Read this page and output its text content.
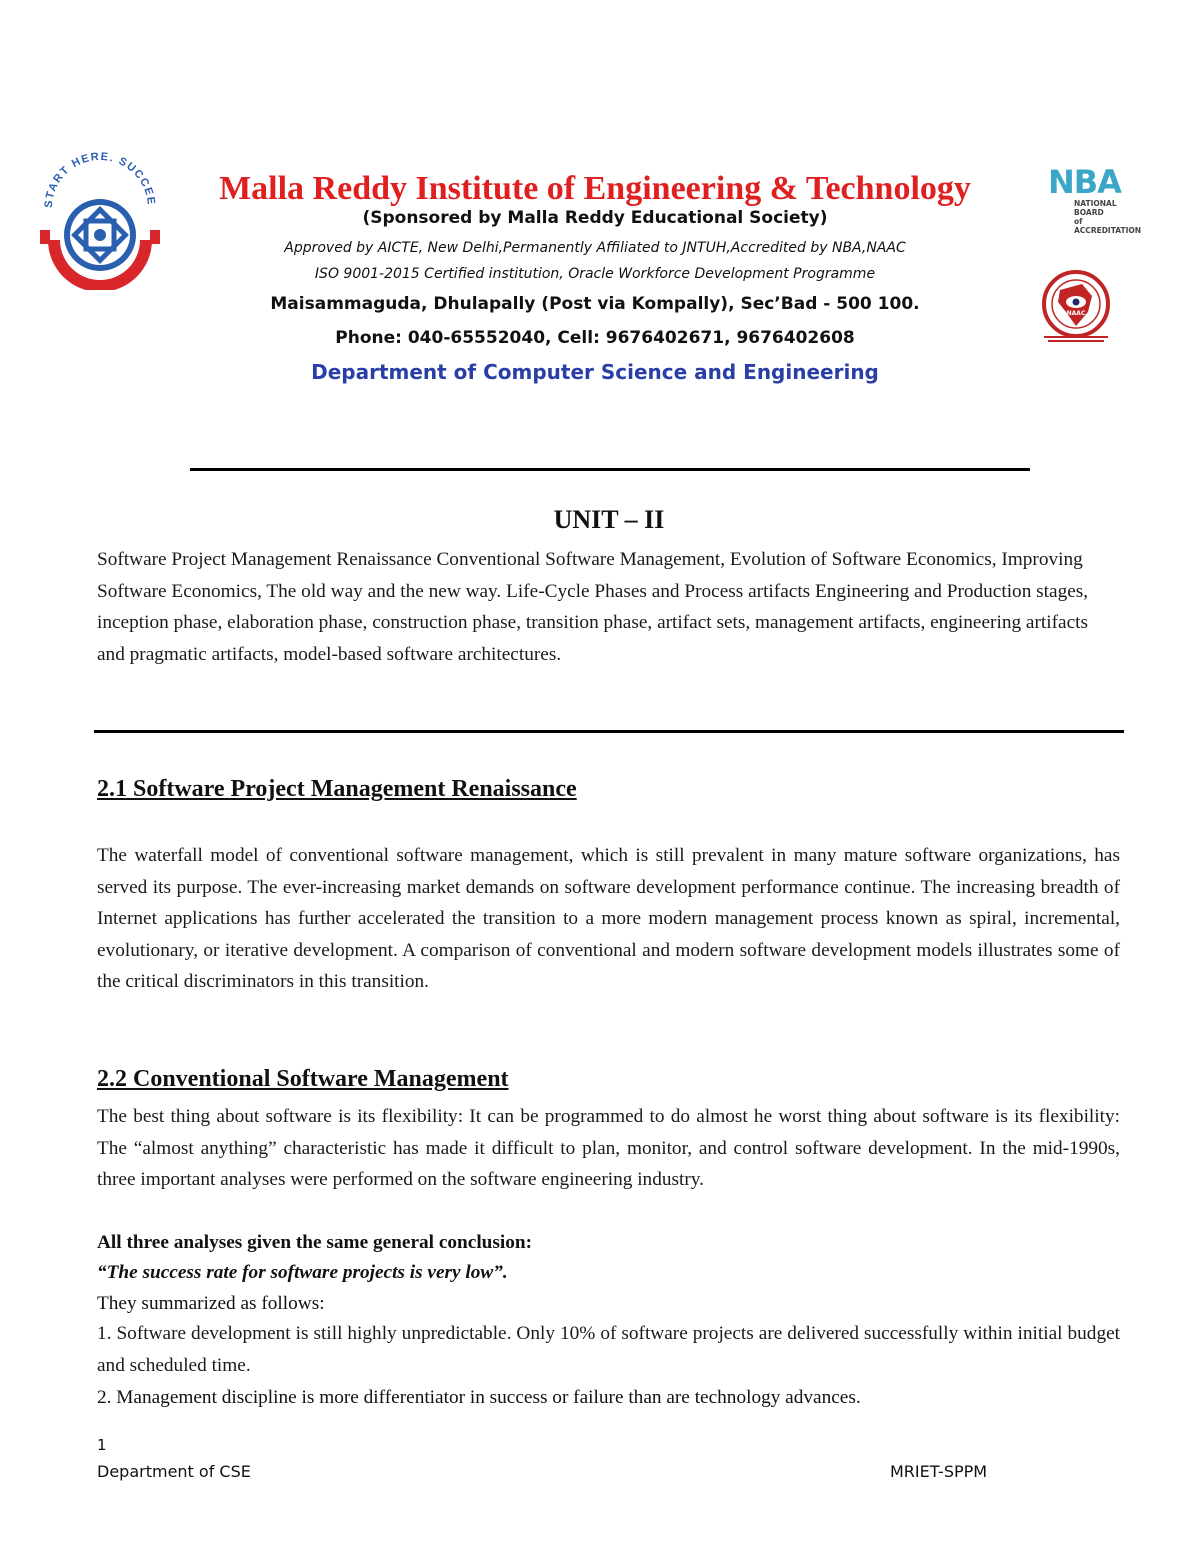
START HERE. SUCCEE	Malla Reddy Institute of Engineering & Technology
(Sponsored by Malla Reddy Educational Society)
Approved by AICTE, New Delhi,Permanently Affiliated to JNTUH,Accredited by NBA,NAAC
ISO 9001-2015 Certified institution, Oracle Workforce Development Programme
Maisammaguda, Dhulapally (Post via Kompally), Sec’Bad - 500 100.
Phone: 040-65552040, Cell: 9676402671, 9676402608
Department of Computer Science and Engineering
NBA
NATIONAL BOARD
of ACCREDITATION
NAAC
UNIT – II
Software Project Management Renaissance Conventional Software Management, Evolution of Software Economics, Improving Software Economics, The old way and the new way. Life-Cycle Phases and Process artifacts Engineering and Production stages, inception phase, elaboration phase, construction phase, transition phase, artifact sets, management artifacts, engineering artifacts and pragmatic artifacts, model-based software architectures.
2.1 Software Project Management Renaissance
The waterfall model of conventional software management, which is still prevalent in many mature software organizations, has served its purpose. The ever-increasing market demands on software development performance continue. The increasing breadth of Internet applications has further accelerated the transition to a more modern management process known as spiral, incremental, evolutionary, or iterative development. A comparison of conventional and modern software development models illustrates some of the critical discriminators in this transition.
2.2 Conventional Software Management
The best thing about software is its flexibility: It can be programmed to do almost he worst thing about software is its flexibility: The “almost anything” characteristic has made it difficult to plan, monitor, and control software development. In the mid-1990s, three important analyses were performed on the software engineering industry.
All three analyses given the same general conclusion:
“The success rate for software projects is very low”.
They summarized as follows:
1. Software development is still highly unpredictable. Only 10% of software projects are delivered successfully within initial budget and scheduled time.
2. Management discipline is more differentiator in success or failure than are technology advances.
1
Department of CSE	MRIET-SPPM
